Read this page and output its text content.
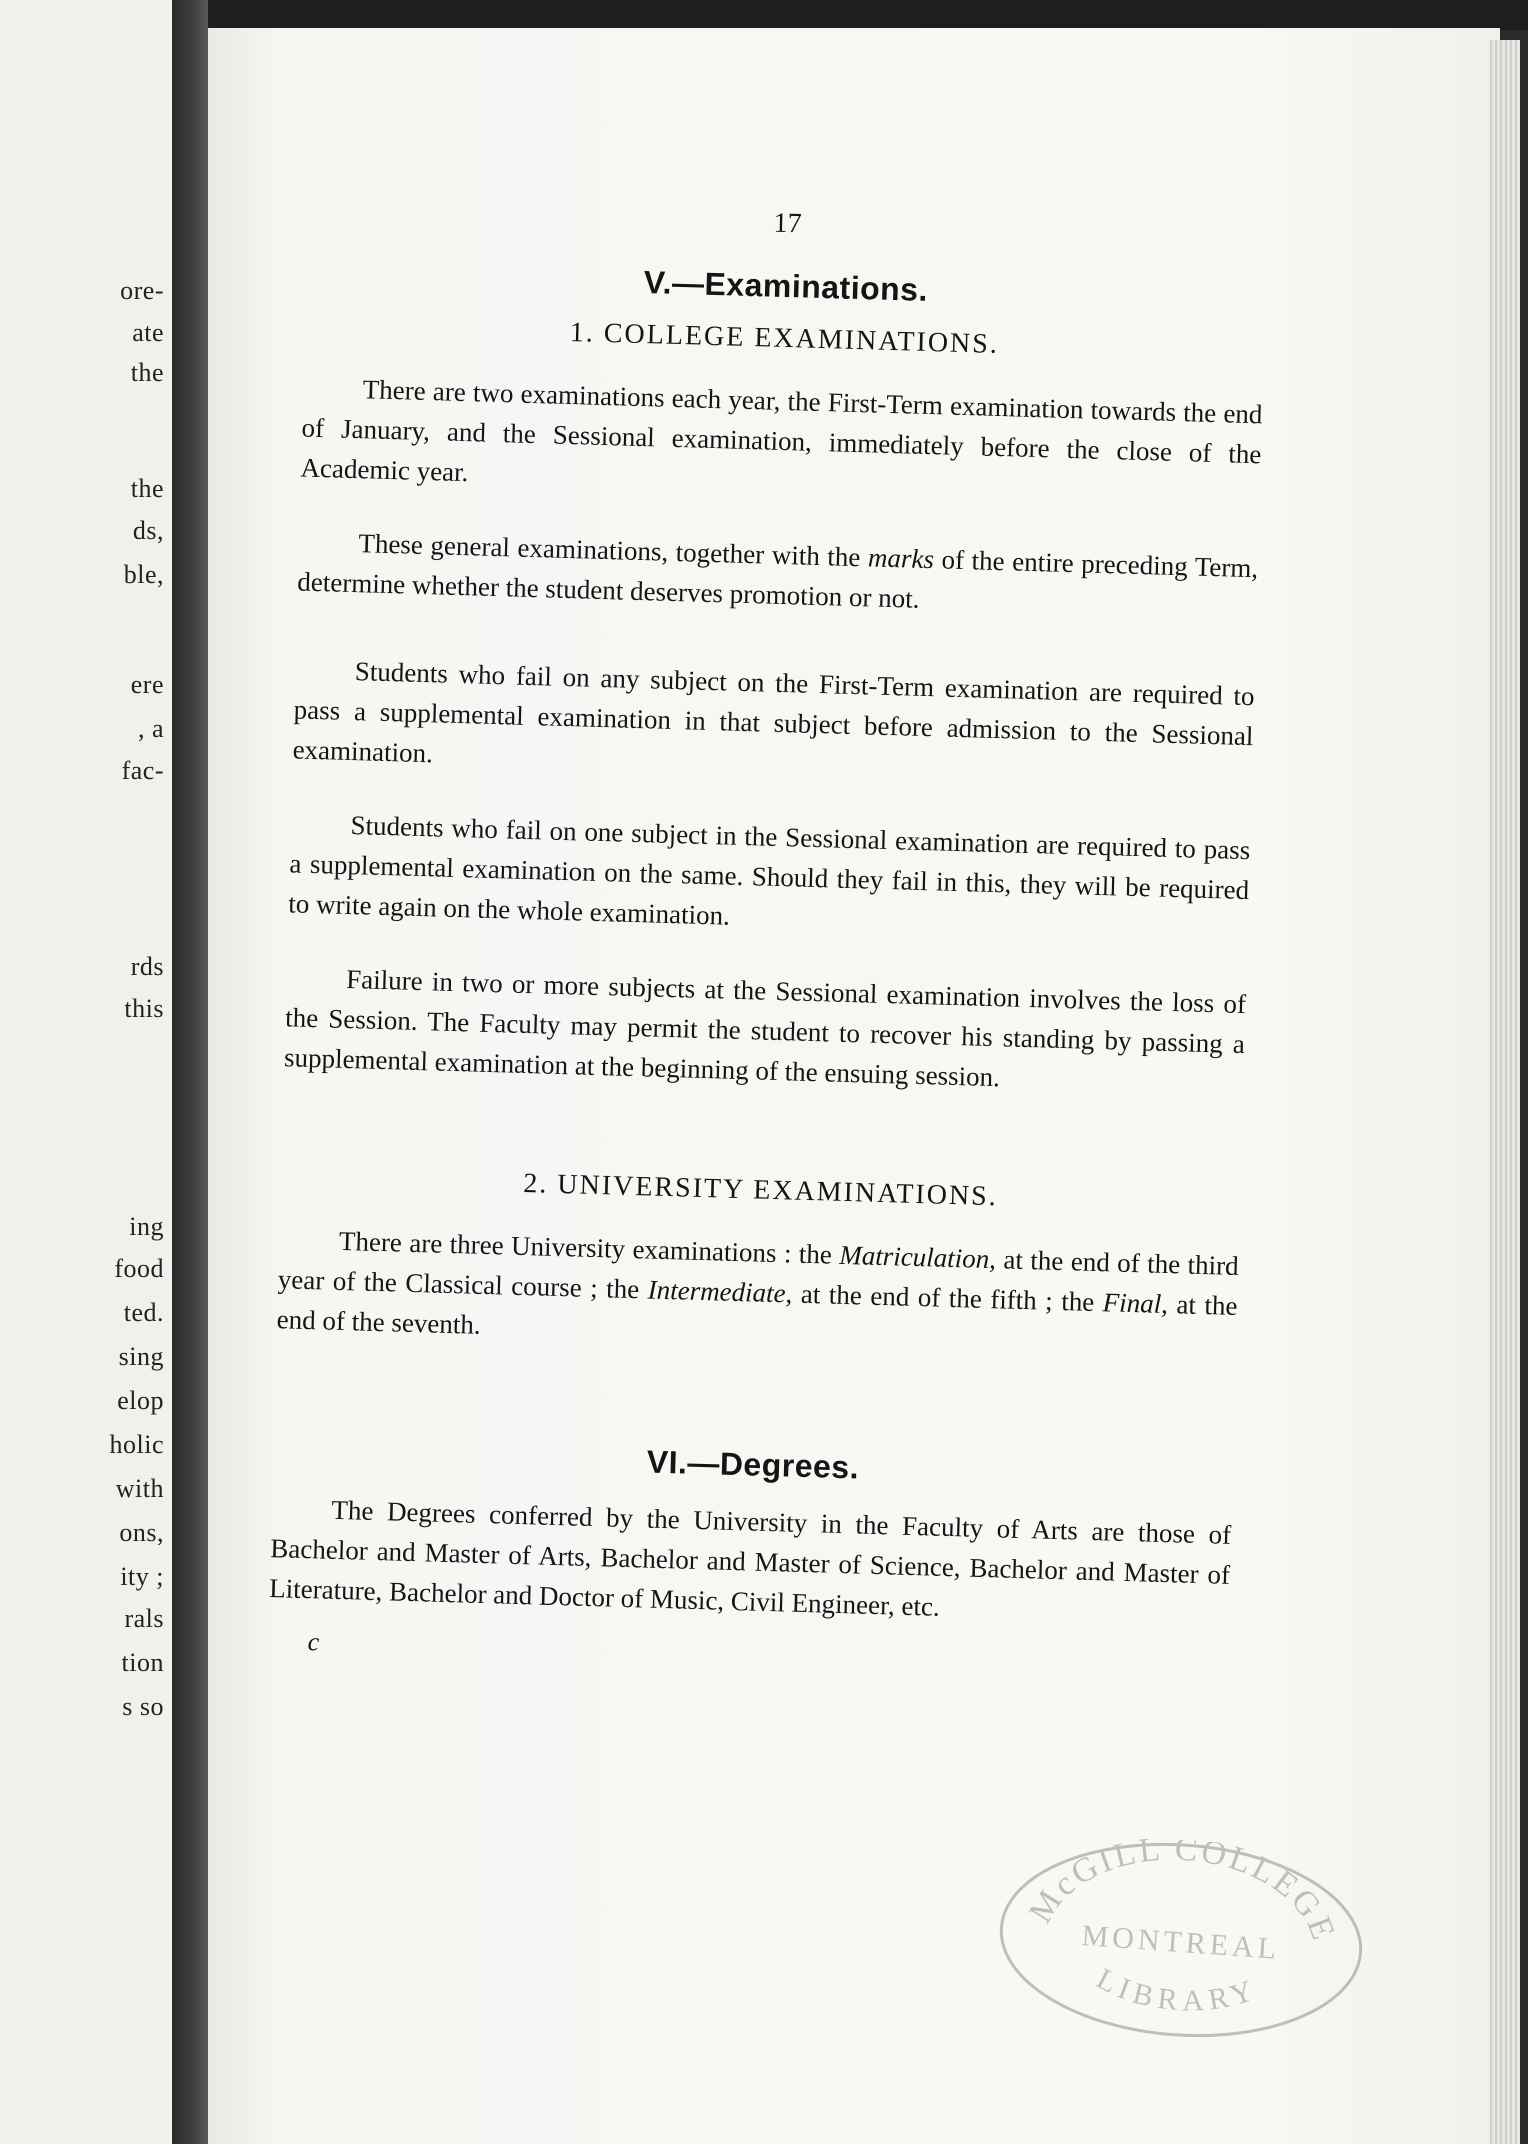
ore-
ate
the
the
ds,
ble,
ere
, a
fac-
rds
this
ing
food
ted.
sing
elop
holic
with
ons,
ity ;
rals
tion
s so
17
V.—Examinations.
1. COLLEGE EXAMINATIONS.

There are two examinations each year, the First-Term examination towards the end of January, and the Sessional examination, immediately before the close of the Academic year.

These general examinations, together with the marks of the entire preceding Term, determine whether the student deserves promotion or not.

Students who fail on any subject on the First-Term examination are required to pass a supplemental examination in that subject before admission to the Sessional examination.

Students who fail on one subject in the Sessional examination are required to pass a supplemental examination on the same. Should they fail in this, they will be required to write again on the whole examination.

Failure in two or more subjects at the Sessional examination involves the loss of the Session. The Faculty may permit the student to recover his standing by passing a supplemental examination at the beginning of the ensuing session.

2. UNIVERSITY EXAMINATIONS.

There are three University examinations : the Matriculation, at the end of the third year of the Classical course ; the Intermediate, at the end of the fifth ; the Final, at the end of the seventh.

VI.—Degrees.

The Degrees conferred by the University in the Faculty of Arts are those of Bachelor and Master of Arts, Bachelor and Master of Science, Bachelor and Master of Literature, Bachelor and Doctor of Music, Civil Engineer, etc.

c
McGILL COLLEGE
MONTREAL
LIBRARY
